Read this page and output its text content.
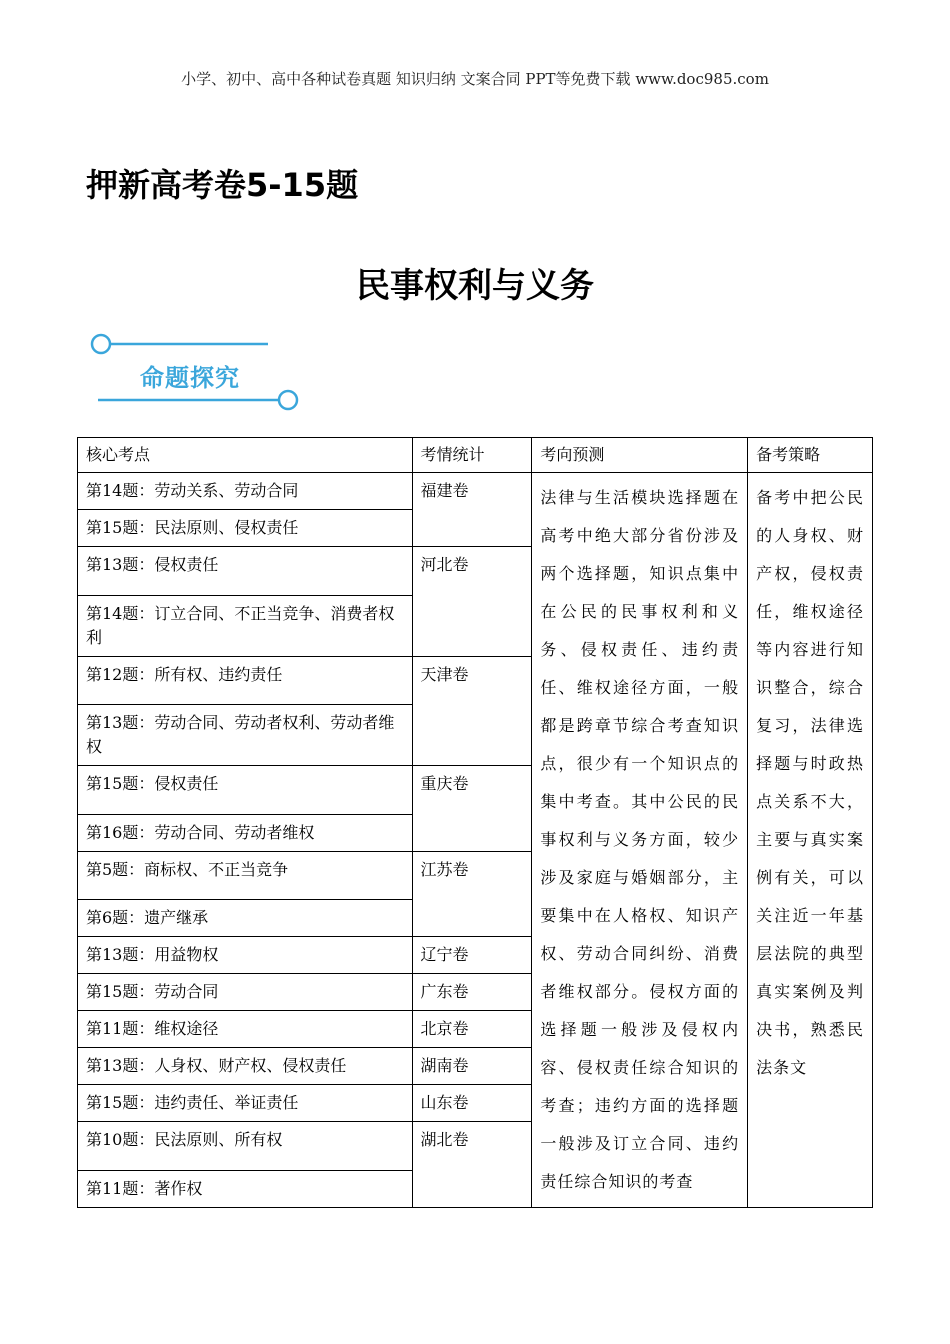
小学、初中、高中各种试卷真题 知识归纳 文案合同 PPT等免费下载 www.doc985.com
押新高考卷5-15题
民事权利与义务
命题探究
核心考点	考情统计	考向预测	备考策略
第14题：劳动关系、劳动合同	福建卷	法律与生活模块选择题在高考中绝大部分省份涉及两个选择题，知识点集中在公民的民事权利和义务、侵权责任、违约责任、维权途径方面，一般都是跨章节综合考查知识点，很少有一个知识点的集中考查。其中公民的民事权利与义务方面，较少涉及家庭与婚姻部分，主要集中在人格权、知识产权、劳动合同纠纷、消费者维权部分。侵权方面的选择题一般涉及侵权内容、侵权责任综合知识的考查；违约方面的选择题一般涉及订立合同、违约责任综合知识的考查	备考中把公民的人身权、财产权，侵权责任，维权途径等内容进行知识整合，综合复习，法律选择题与时政热点关系不大，主要与真实案例有关，可以关注近一年基层法院的典型真实案例及判决书，熟悉民法条文
第15题：民法原则、侵权责任			
第13题：侵权责任	河北卷		
第14题：订立合同、不正当竞争、消费者权利			
第12题：所有权、违约责任	天津卷		
第13题：劳动合同、劳动者权利、劳动者维权			
第15题：侵权责任	重庆卷		
第16题：劳动合同、劳动者维权			
第5题：商标权、不正当竞争	江苏卷		
第6题：遗产继承			
第13题：用益物权	辽宁卷		
第15题：劳动合同	广东卷		
第11题：维权途径	北京卷		
第13题：人身权、财产权、侵权责任	湖南卷		
第15题：违约责任、举证责任	山东卷		
第10题：民法原则、所有权	湖北卷		
第11题：著作权			
